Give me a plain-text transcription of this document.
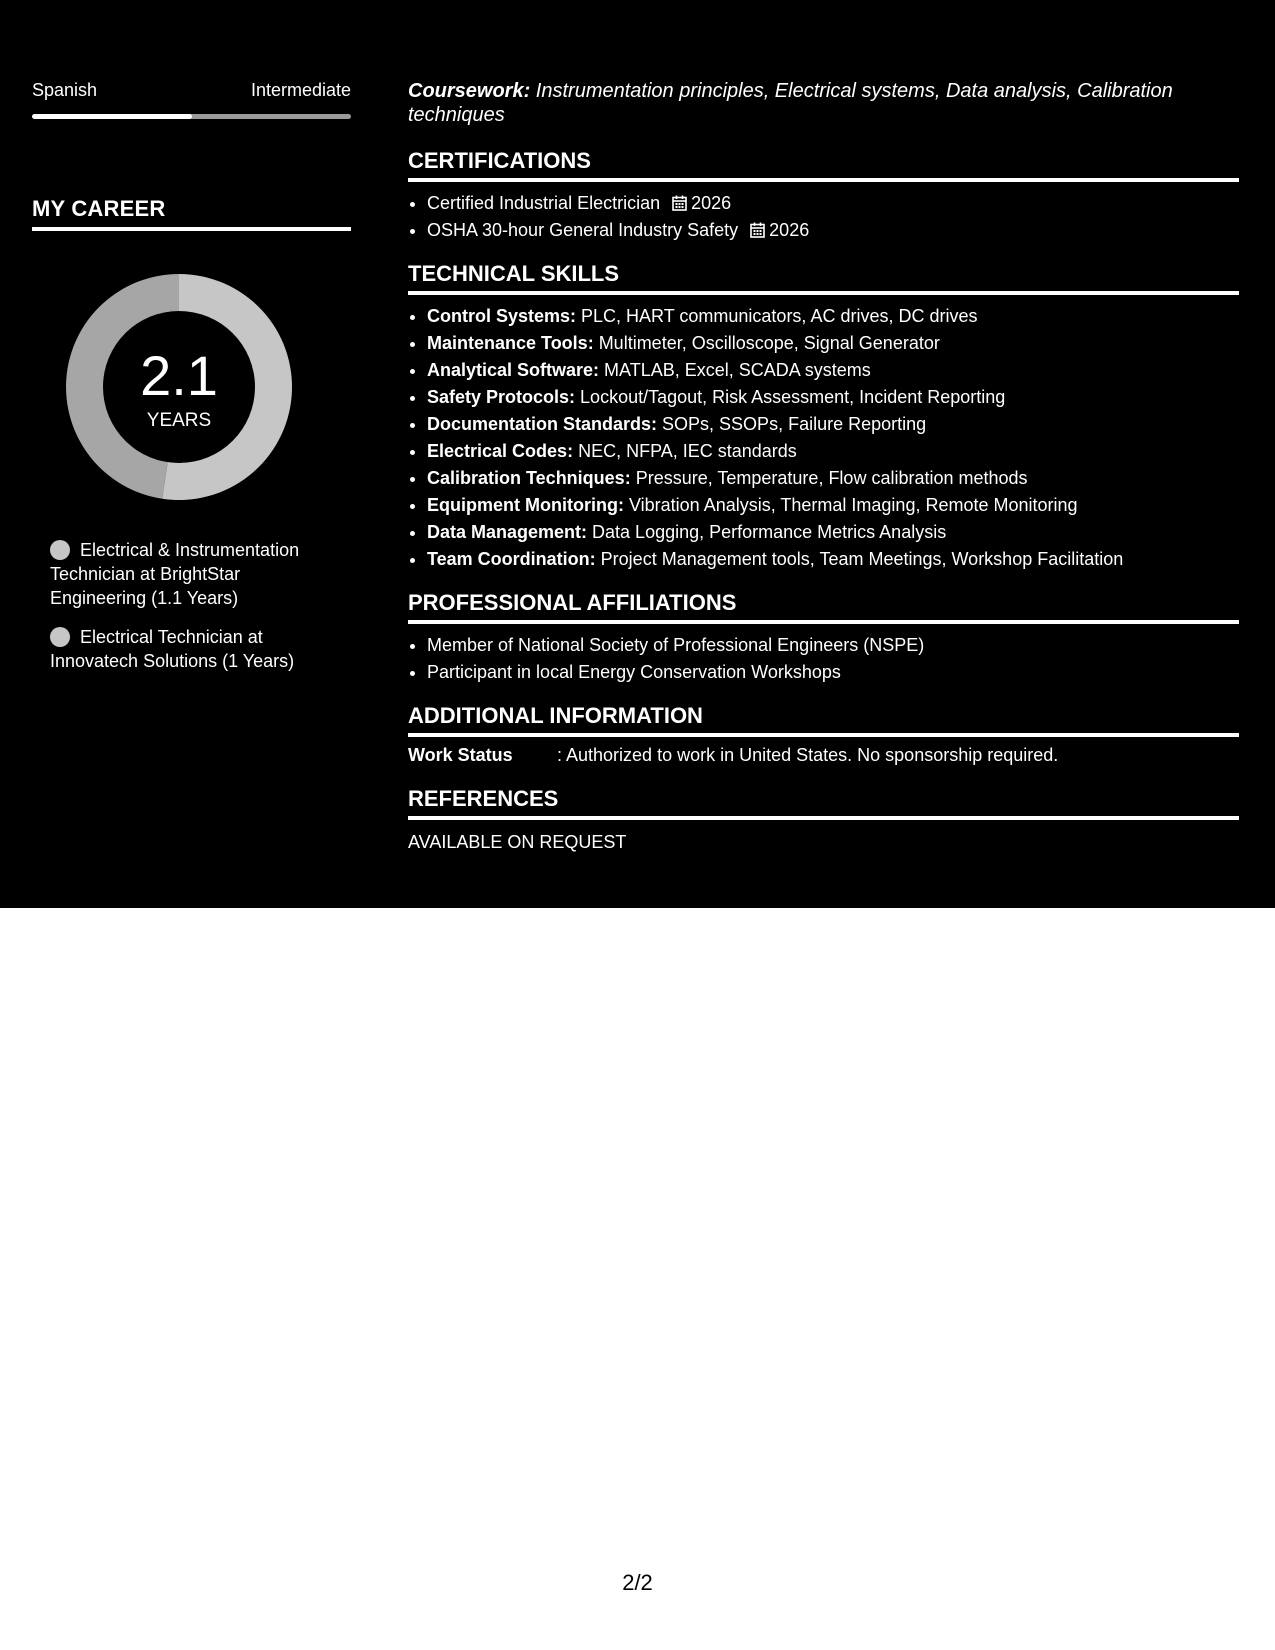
Spanish	Intermediate
MY CAREER
2.1
YEARS
Electrical & Instrumentation Technician at BrightStar Engineering (1.1 Years)
Electrical Technician at Innovatech Solutions (1 Years)
Coursework: Instrumentation principles, Electrical systems, Data analysis, Calibration techniques
CERTIFICATIONS
• Certified Industrial Electrician 2026
• OSHA 30-hour General Industry Safety 2026
TECHNICAL SKILLS
• Control Systems: PLC, HART communicators, AC drives, DC drives
• Maintenance Tools: Multimeter, Oscilloscope, Signal Generator
• Analytical Software: MATLAB, Excel, SCADA systems
• Safety Protocols: Lockout/Tagout, Risk Assessment, Incident Reporting
• Documentation Standards: SOPs, SSOPs, Failure Reporting
• Electrical Codes: NEC, NFPA, IEC standards
• Calibration Techniques: Pressure, Temperature, Flow calibration methods
• Equipment Monitoring: Vibration Analysis, Thermal Imaging, Remote Monitoring
• Data Management: Data Logging, Performance Metrics Analysis
• Team Coordination: Project Management tools, Team Meetings, Workshop Facilitation
PROFESSIONAL AFFILIATIONS
• Member of National Society of Professional Engineers (NSPE)
• Participant in local Energy Conservation Workshops
ADDITIONAL INFORMATION
Work Status : Authorized to work in United States. No sponsorship required.
REFERENCES
AVAILABLE ON REQUEST
2/2
